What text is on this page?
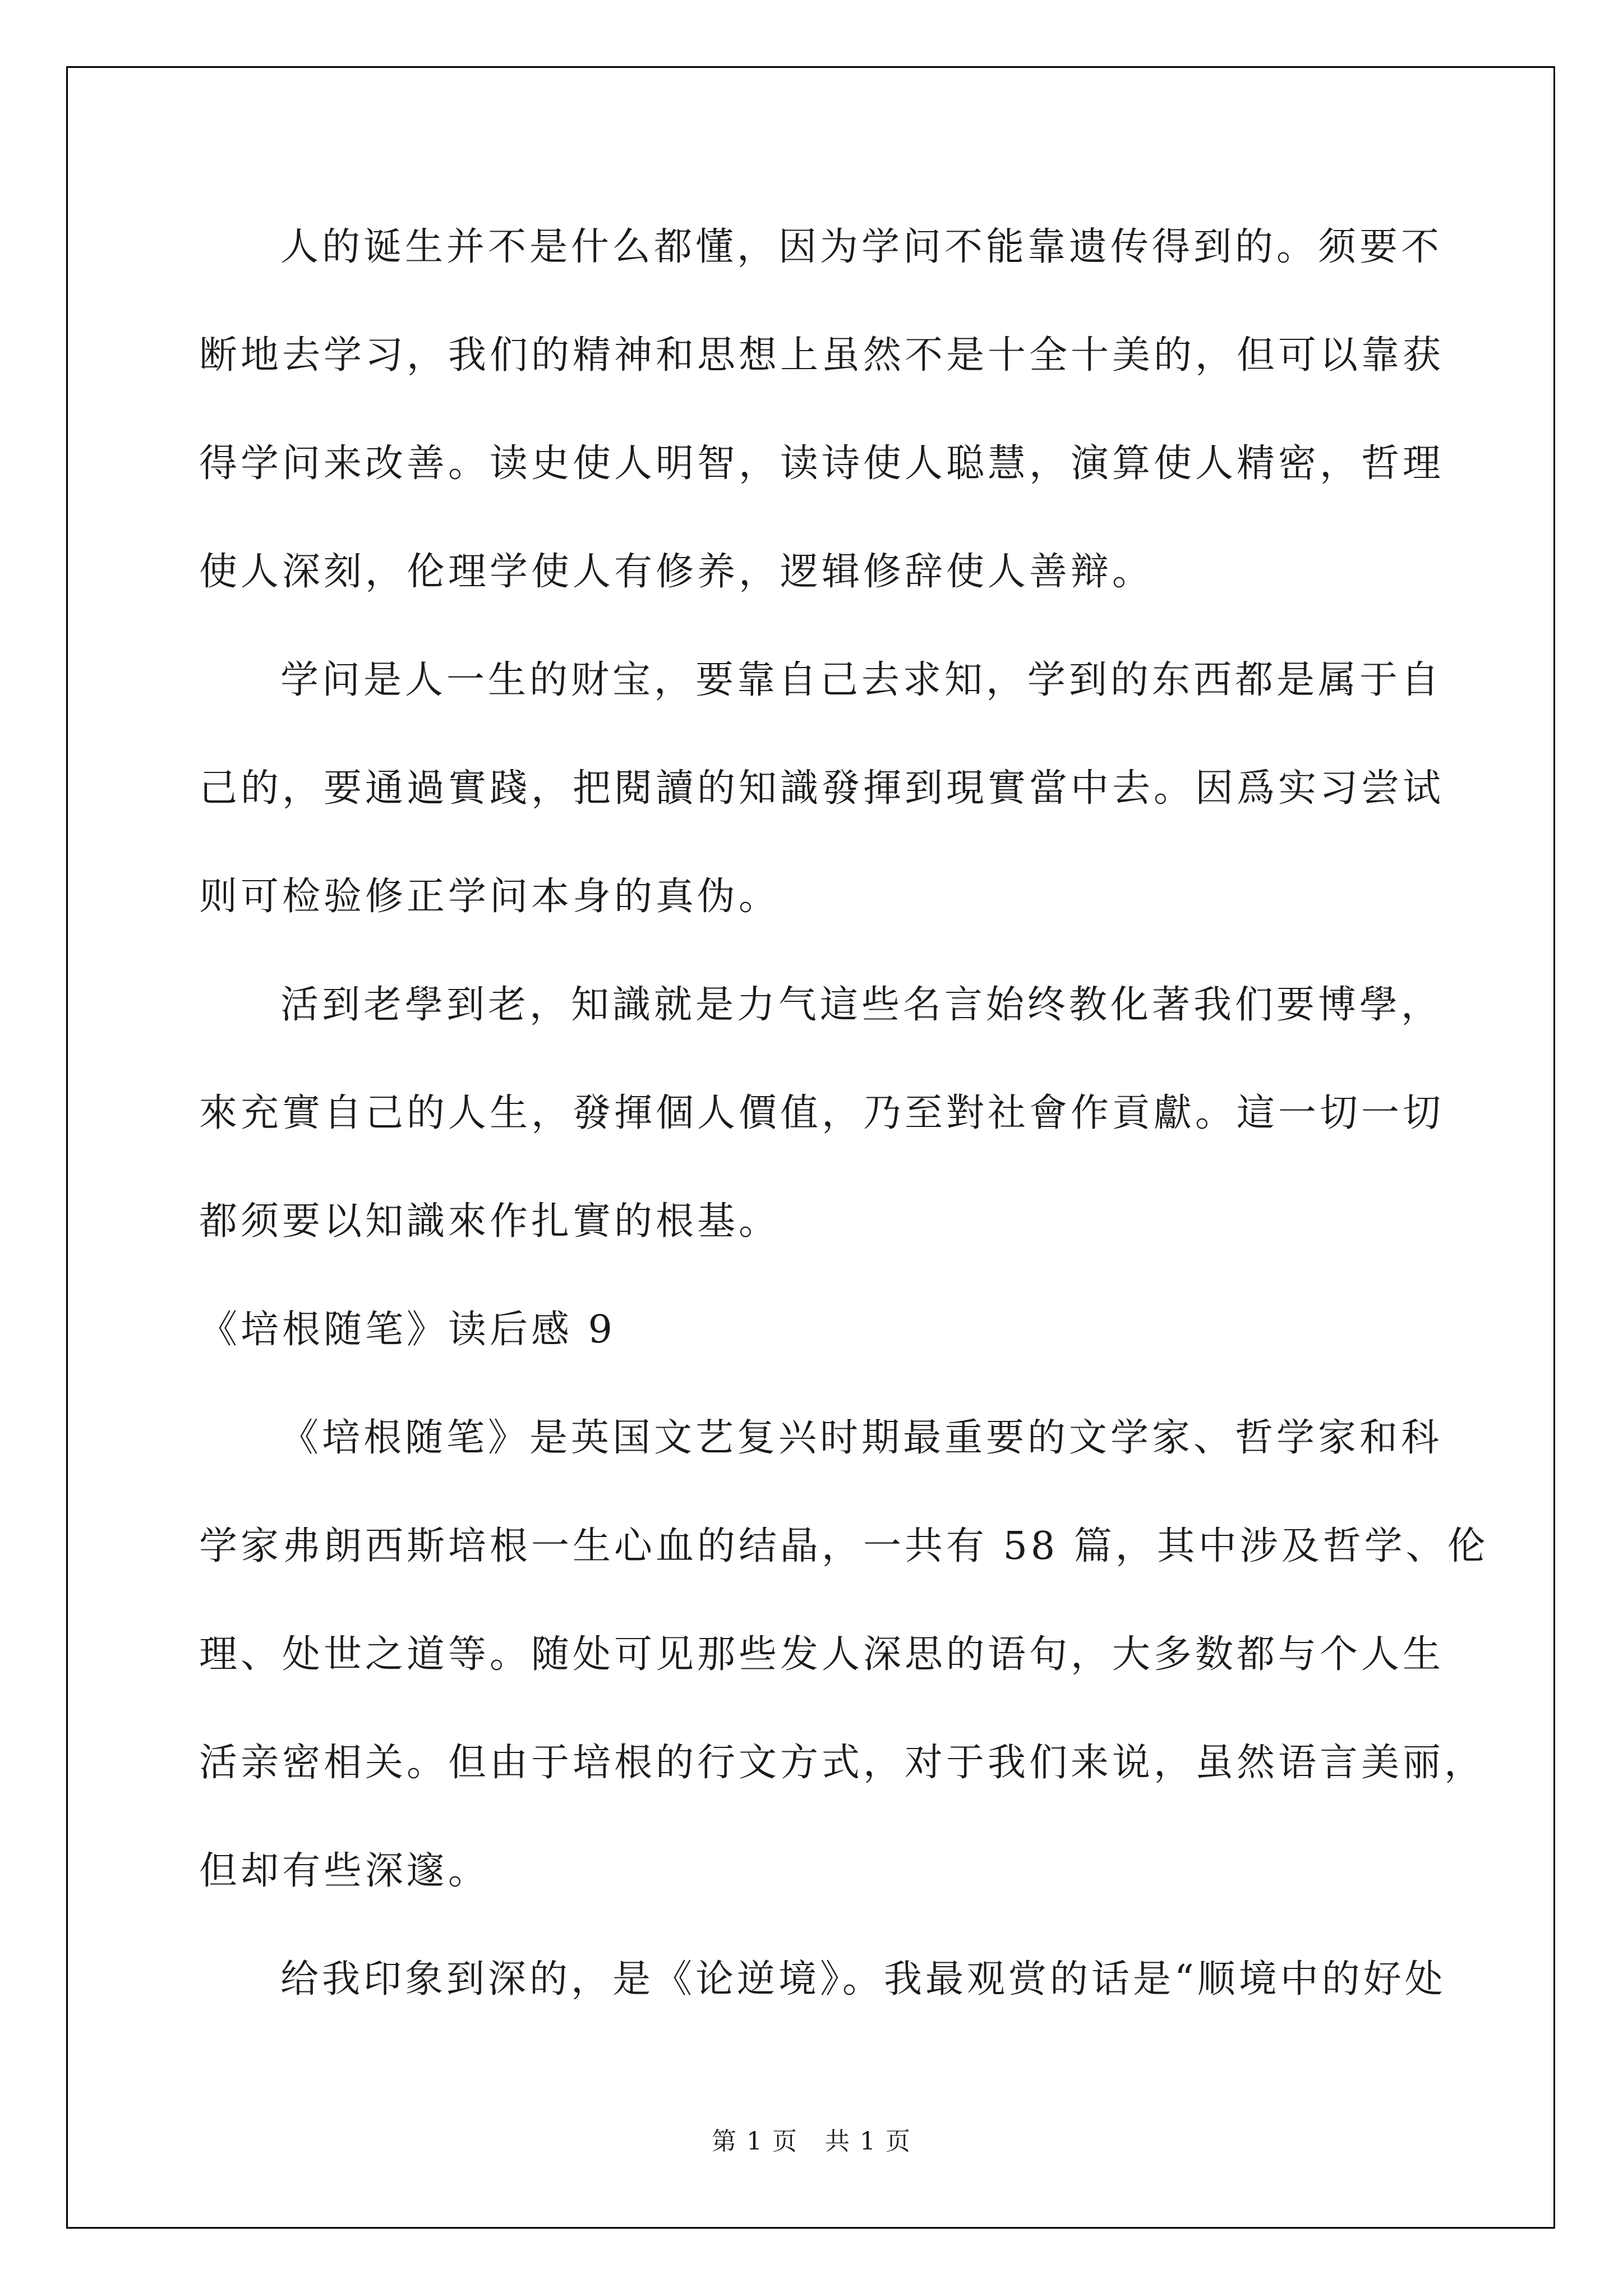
人的诞生并不是什么都懂，因为学问不能靠遗传得到的。须要不
断地去学习，我们的精神和思想上虽然不是十全十美的，但可以靠获
得学问来改善。读史使人明智，读诗使人聪慧，演算使人精密，哲理
使人深刻，伦理学使人有修养，逻辑修辞使人善辩。
学问是人一生的财宝，要靠自己去求知，学到的东西都是属于自
己的，要通過實踐，把閱讀的知識發揮到現實當中去。因爲实习尝试
则可检验修正学问本身的真伪。
活到老學到老，知識就是力气這些名言始终教化著我们要博學，
來充實自己的人生，發揮個人價值，乃至對社會作貢獻。這一切一切
都须要以知識來作扎實的根基。
《培根随笔》读后感 9
《培根随笔》是英国文艺复兴时期最重要的文学家、哲学家和科
学家弗朗西斯培根一生心血的结晶，一共有 58 篇，其中涉及哲学、伦
理、处世之道等。随处可见那些发人深思的语句，大多数都与个人生
活亲密相关。但由于培根的行文方式，对于我们来说，虽然语言美丽，
但却有些深邃。
给我印象到深的，是《论逆境》。我最观赏的话是“顺境中的好处
第 1 页   共 1 页
